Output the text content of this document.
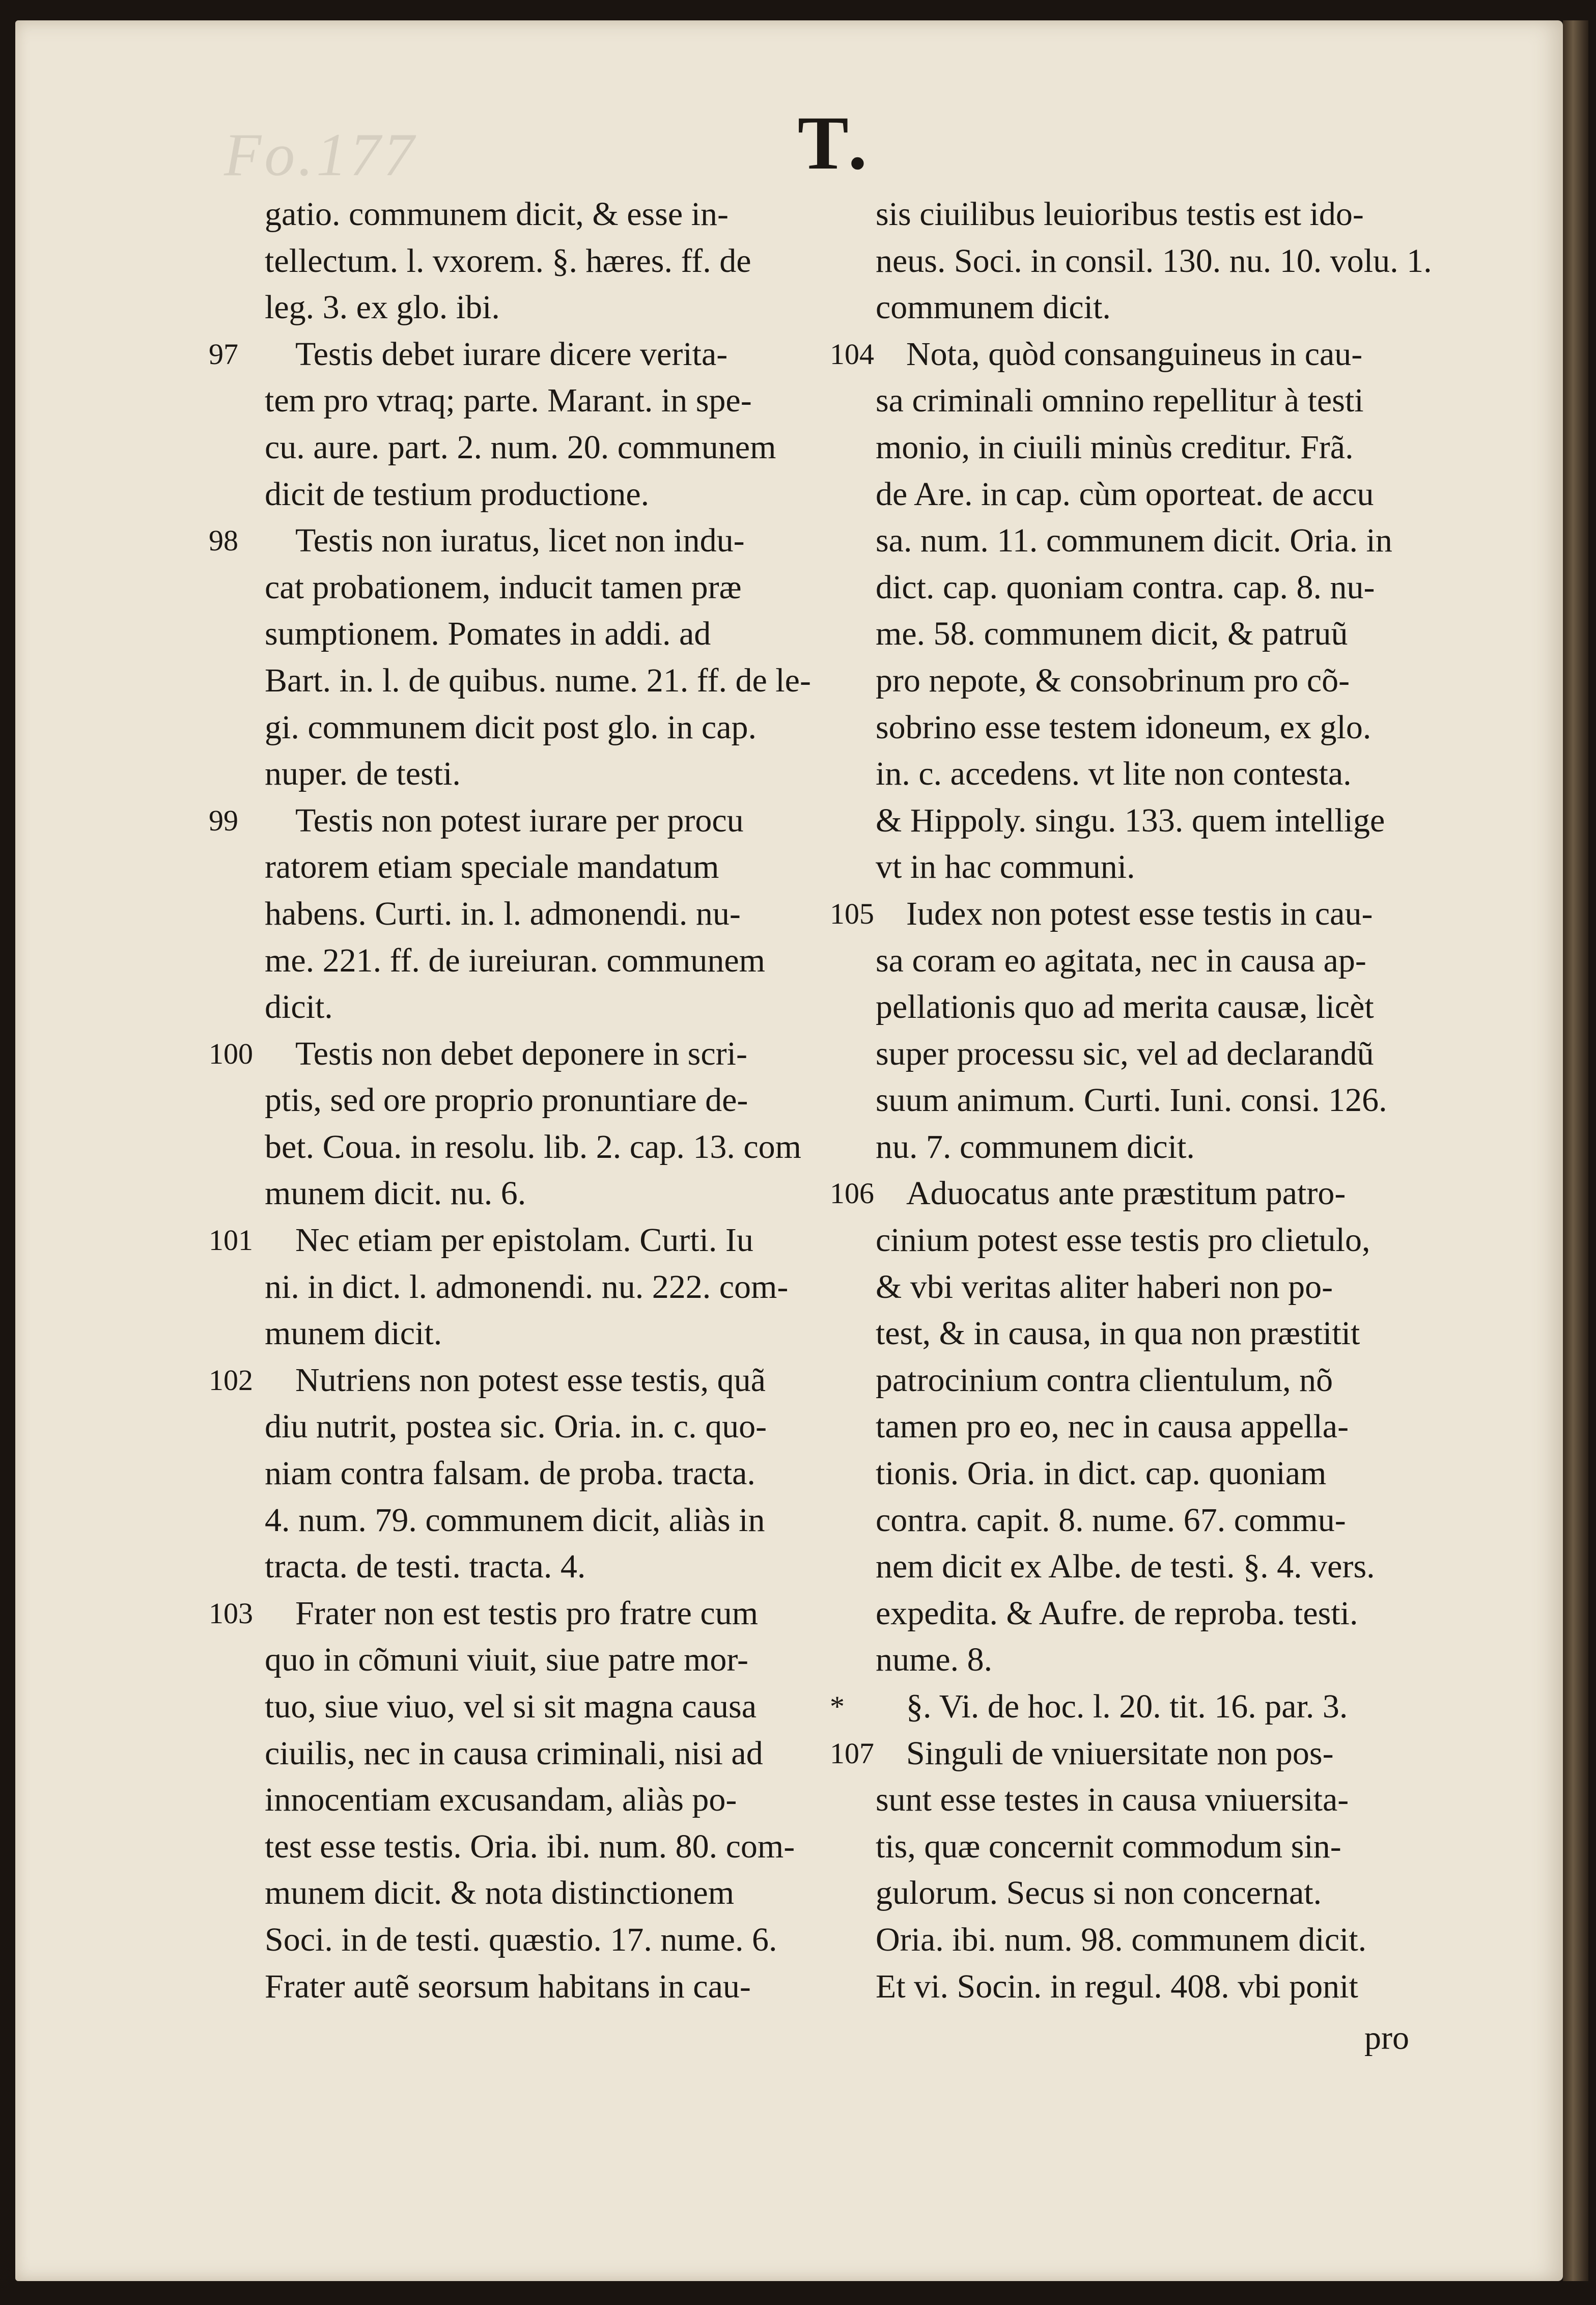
Fo.177	T.
gatio. communem dicit, & esse in-
tellectum. l. vxorem. §. hæres. ff. de
leg. 3. ex glo. ibi.
97	Testis debet iurare dicere verita-
tem pro vtraq; parte. Marant. in spe-
cu. aure. part. 2. num. 20. communem
dicit de testium productione.
98	Testis non iuratus, licet non indu-
cat probationem, inducit tamen præ
sumptionem. Pomates in addi. ad
Bart. in. l. de quibus. nume. 21. ff. de le-
gi. communem dicit post glo. in cap.
nuper. de testi.
99	Testis non potest iurare per procu
ratorem etiam speciale mandatum
habens. Curti. in. l. admonendi. nu-
me. 221. ff. de iureiuran. communem
dicit.
100	Testis non debet deponere in scri-
ptis, sed ore proprio pronuntiare de-
bet. Coua. in resolu. lib. 2. cap. 13. com
munem dicit. nu. 6.
101	Nec etiam per epistolam. Curti. Iu
ni. in dict. l. admonendi. nu. 222. com-
munem dicit.
102	Nutriens non potest esse testis, quã
diu nutrit, postea sic. Oria. in. c. quo-
niam contra falsam. de proba. tracta.
4. num. 79. communem dicit, aliàs in
tracta. de testi. tracta. 4.
103	Frater non est testis pro fratre cum
quo in cõmuni viuit, siue patre mor-
tuo, siue viuo, vel si sit magna causa
ciuilis, nec in causa criminali, nisi ad
innocentiam excusandam, aliàs po-
test esse testis. Oria. ibi. num. 80. com-
munem dicit. & nota distinctionem
Soci. in de testi. quæstio. 17. nume. 6.
Frater autẽ seorsum habitans in cau-
sis ciuilibus leuioribus testis est ido-
neus. Soci. in consil. 130. nu. 10. volu. 1.
communem dicit.
104 Nota, quòd consanguineus in cau-
sa criminali omnino repellitur à testi
monio, in ciuili minùs creditur. Frã.
de Are. in cap. cùm oporteat. de accu
sa. num. 11. communem dicit. Oria. in
dict. cap. quoniam contra. cap. 8. nu-
me. 58. communem dicit, & patruũ
pro nepote, & consobrinum pro cõ-
sobrino esse testem idoneum, ex glo.
in. c. accedens. vt lite non contesta.
& Hippoly. singu. 133. quem intellige
vt in hac communi.
105 Iudex non potest esse testis in cau-
sa coram eo agitata, nec in causa ap-
pellationis quo ad merita causæ, licèt
super processu sic, vel ad declarandũ
suum animum. Curti. Iuni. consi. 126.
nu. 7. communem dicit.
106 Aduocatus ante præstitum patro-
cinium potest esse testis pro clietulo,
& vbi veritas aliter haberi non po-
test, & in causa, in qua non præstitit
patrocinium contra clientulum, nõ
tamen pro eo, nec in causa appella-
tionis. Oria. in dict. cap. quoniam
contra. capit. 8. nume. 67. commu-
nem dicit ex Albe. de testi. §. 4. vers.
expedita. & Aufre. de reproba. testi.
nume. 8.
*	§. Vi. de hoc. l. 20. tit. 16. par. 3.
107 Singuli de vniuersitate non pos-
sunt esse testes in causa vniuersita-
tis, quæ concernit commodum sin-
gulorum. Secus si non concernat.
Oria. ibi. num. 98. communem dicit.
Et vi. Socin. in regul. 408. vbi ponit
pro
